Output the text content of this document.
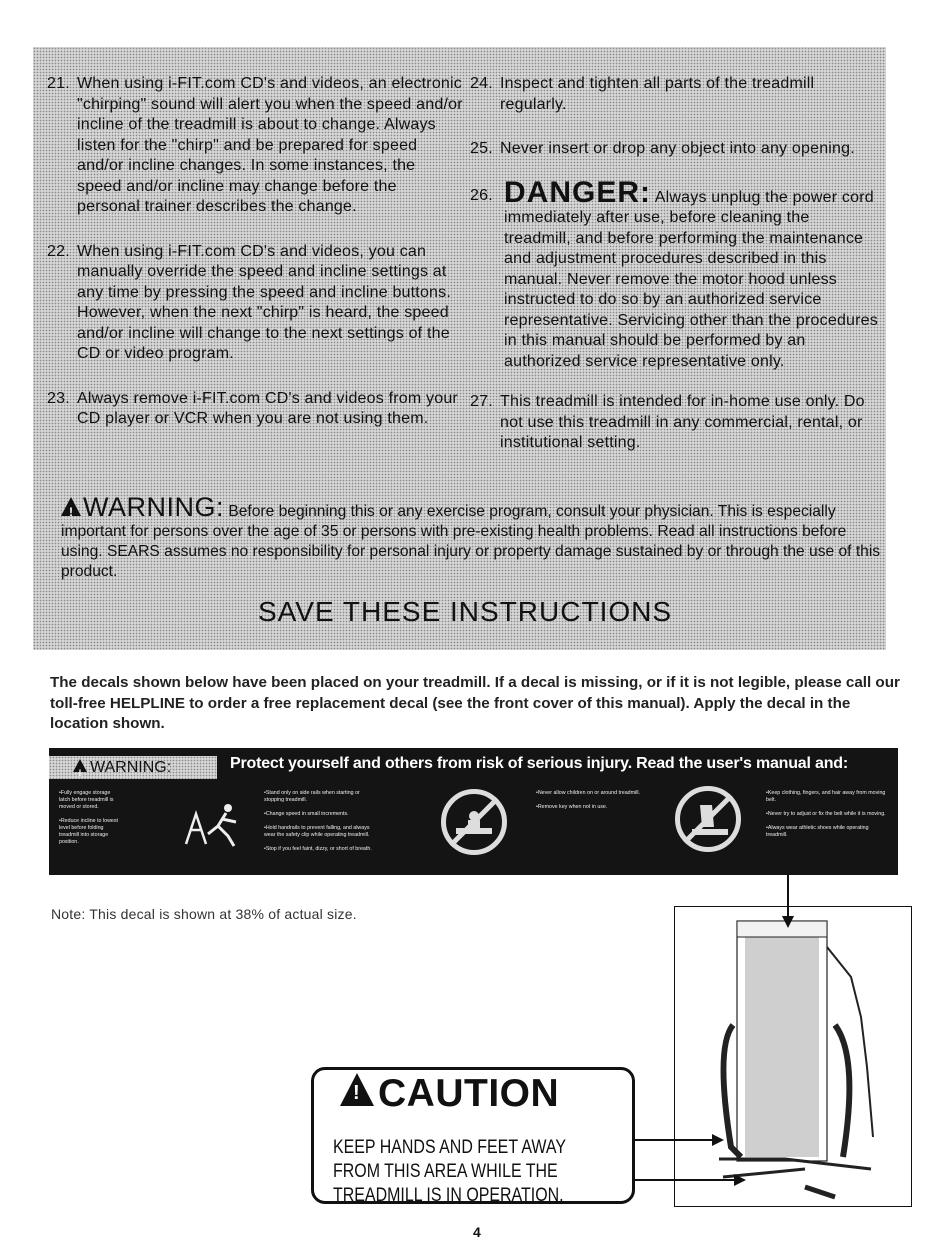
21. When using i-FIT.com CD's and videos, an electronic "chirping" sound will alert you when the speed and/or incline of the treadmill is about to change. Always listen for the "chirp" and be prepared for speed and/or incline changes. In some instances, the speed and/or incline may change before the personal trainer describes the change.
22. When using i-FIT.com CD's and videos, you can manually override the speed and incline settings at any time by pressing the speed and incline buttons. However, when the next "chirp" is heard, the speed and/or incline will change to the next settings of the CD or video program.
23. Always remove i-FIT.com CD's and videos from your CD player or VCR when you are not using them.
24. Inspect and tighten all parts of the treadmill regularly.
25. Never insert or drop any object into any opening.
26. DANGER: Always unplug the power cord immediately after use, before cleaning the treadmill, and before performing the maintenance and adjustment procedures described in this manual. Never remove the motor hood unless instructed to do so by an authorized service representative. Servicing other than the procedures in this manual should be performed by an authorized service representative only.
27. This treadmill is intended for in-home use only. Do not use this treadmill in any commercial, rental, or institutional setting.
!WARNING: Before beginning this or any exercise program, consult your physician. This is especially important for persons over the age of 35 or persons with pre-existing health problems. Read all instructions before using. SEARS assumes no responsibility for personal injury or property damage sustained by or through the use of this product.
SAVE THESE INSTRUCTIONS
The decals shown below have been placed on your treadmill. If a decal is missing, or if it is not legible, please call our toll-free HELPLINE to order a free replacement decal (see the front cover of this manual). Apply the decal in the location shown.
!WARNING:	Protect yourself and others from risk of serious injury. Read the user's manual and:

• Fully engage storage latch before treadmill is moved or stored.

• Reduce incline to lowest level before folding treadmill into storage position.

• Stand only on side rails when starting or stopping treadmill.

• Change speed in small increments.

• Hold handrails to prevent falling, and always wear the safety clip while operating treadmill.

• Stop if you feel faint, dizzy, or short of breath.

• Never allow children on or around treadmill.

• Remove key when not in use.

• Keep clothing, fingers, and hair away from moving belt.

• Never try to adjust or fix the belt while it is moving.

• Always wear athletic shoes while operating treadmill.

Note: This decal is shown at 38% of actual size.
!CAUTION
KEEP HANDS AND FEET AWAY
FROM THIS AREA WHILE THE
TREADMILL IS IN OPERATION.
4
